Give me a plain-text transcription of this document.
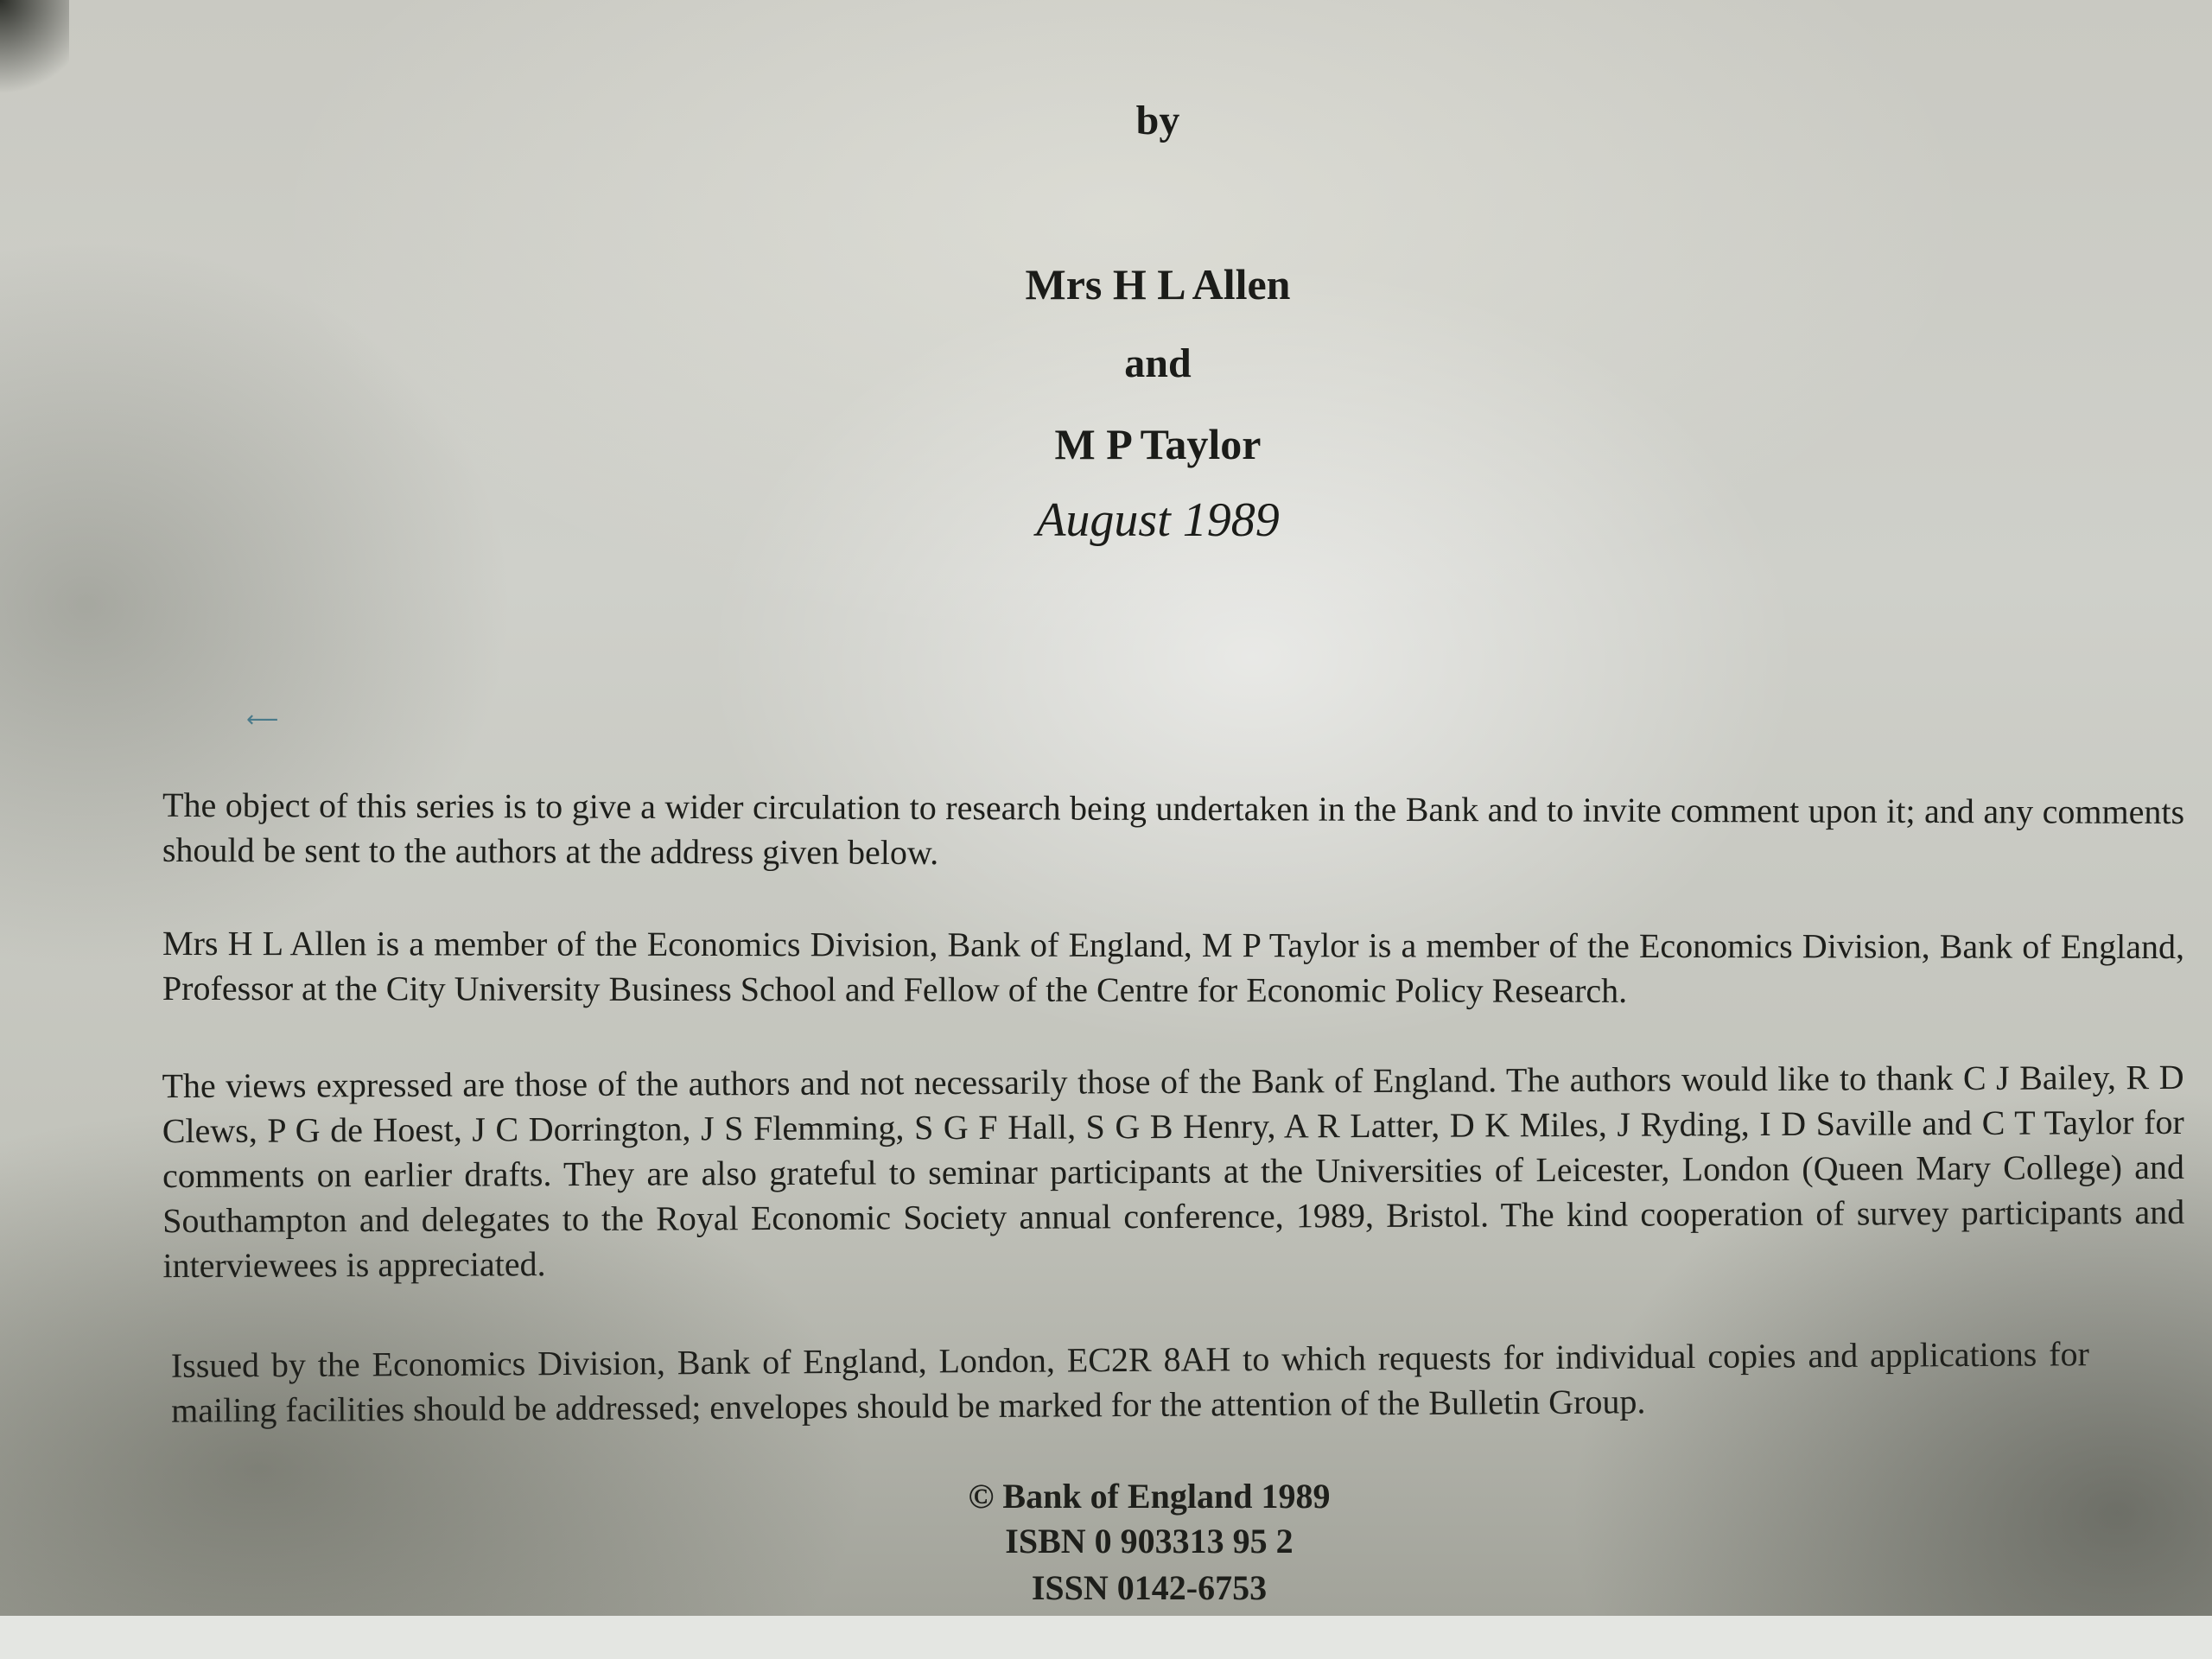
by
Mrs H L Allen
and
M P Taylor
August 1989
⟵
The object of this series is to give a wider circulation to research being undertaken in the Bank and to invite comment upon it; and any comments should be sent to the authors at the address given below.
Mrs H L Allen is a member of the Economics Division, Bank of England, M P Taylor is a member of the Economics Division, Bank of England, Professor at the City University Business School and Fellow of the Centre for Economic Policy Research.
The views expressed are those of the authors and not necessarily those of the Bank of England. The authors would like to thank C J Bailey, R D Clews, P G de Hoest, J C Dorrington, J S Flemming, S G F Hall, S G B Henry, A R Latter, D K Miles, J Ryding, I D Saville and C T Taylor for comments on earlier drafts. They are also grateful to seminar participants at the Universities of Leicester, London (Queen Mary College) and Southampton and delegates to the Royal Economic Society annual conference, 1989, Bristol. The kind cooperation of survey participants and interviewees is appreciated.
Issued by the Economics Division, Bank of England, London, EC2R 8AH to which requests for individual copies and applications for mailing facilities should be addressed; envelopes should be marked for the attention of the Bulletin Group.
© Bank of England 1989
ISBN 0 903313 95 2
ISSN 0142-6753
